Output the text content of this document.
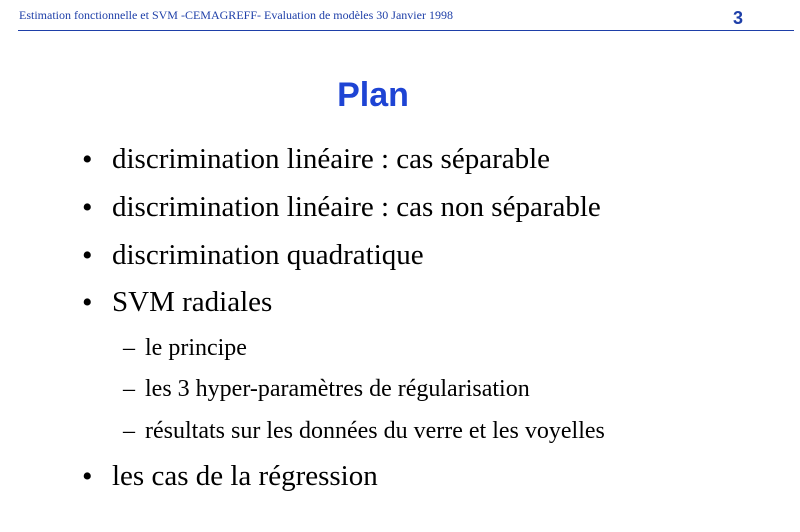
Estimation fonctionnelle et SVM -CEMAGREFF- Evaluation de modèles 30 Janvier 1998	3
Plan
• discrimination linéaire : cas séparable
• discrimination linéaire : cas non séparable
• discrimination quadratique
• SVM radiales
– le principe
– les 3 hyper-paramètres de régularisation
– résultats sur les données du verre et les voyelles
• les cas de la régression
